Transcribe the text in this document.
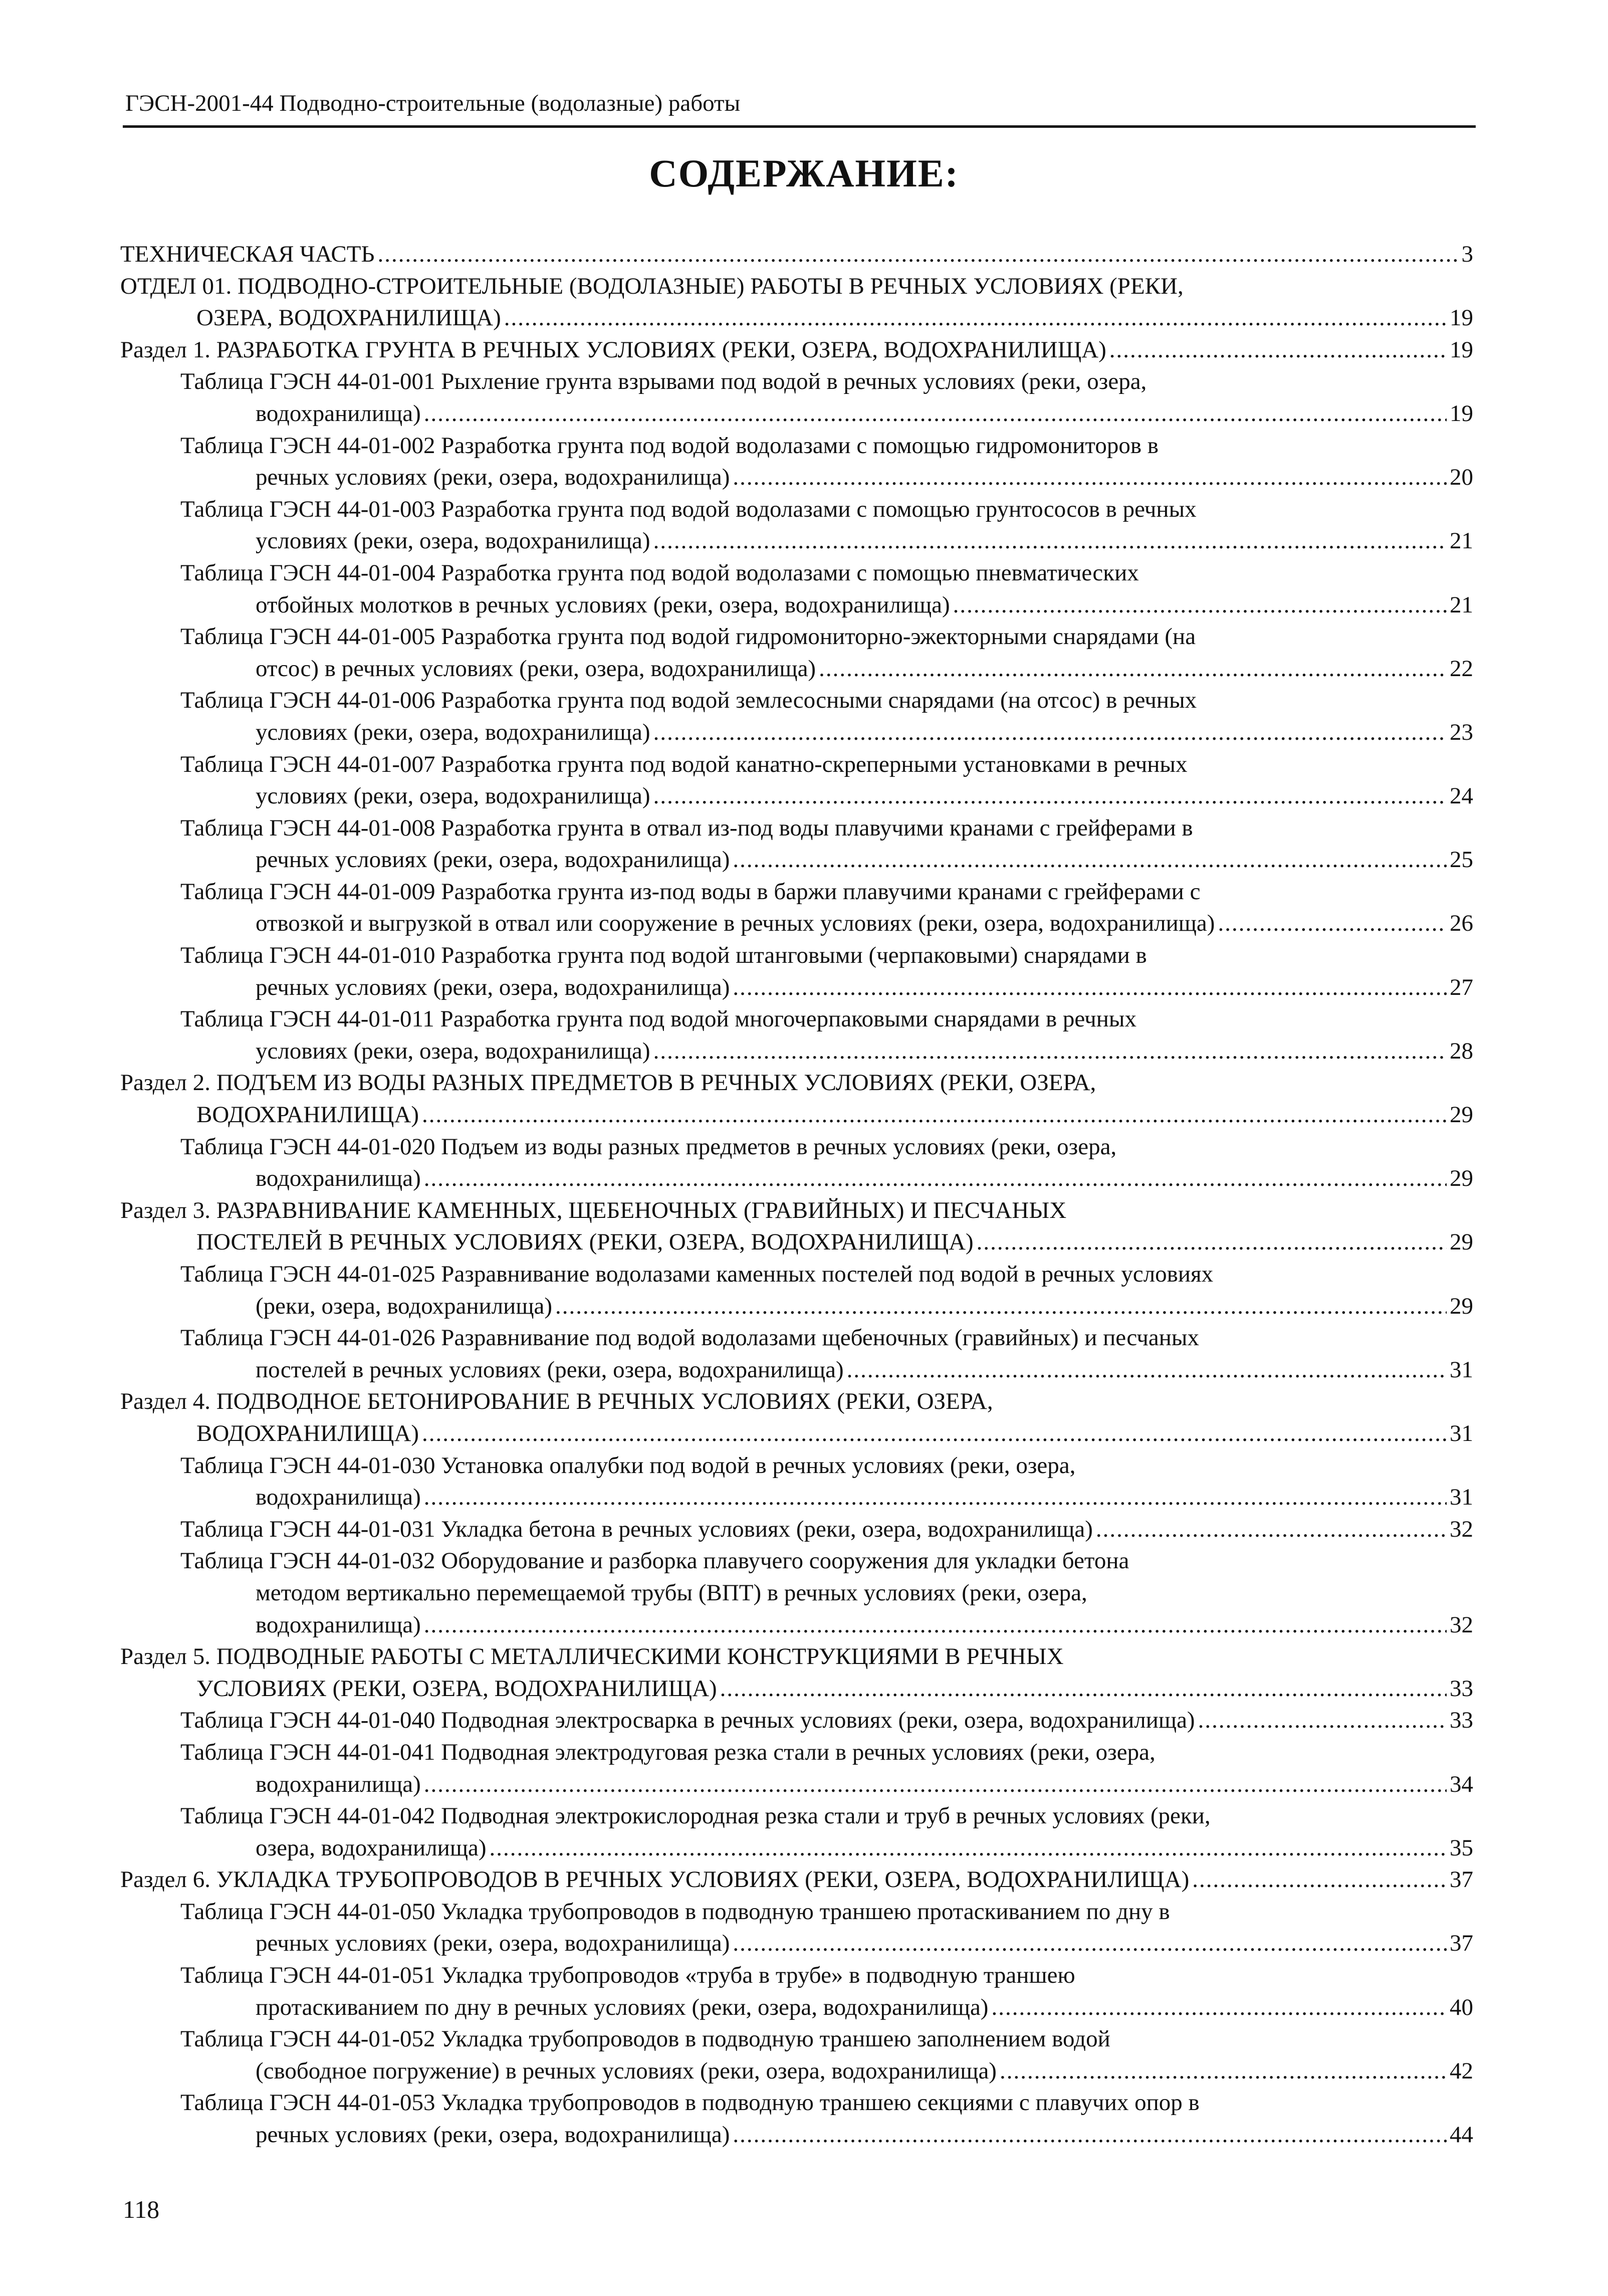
ГЭСН-2001-44 Подводно-строительные (водолазные) работы
СОДЕРЖАНИЕ:
ТЕХНИЧЕСКАЯ ЧАСТЬ .....	3
ОТДЕЛ 01. ПОДВОДНО-СТРОИТЕЛЬНЫЕ (ВОДОЛАЗНЫЕ) РАБОТЫ В РЕЧНЫХ УСЛОВИЯХ (РЕКИ,
ОЗЕРА, ВОДОХРАНИЛИЩА) .....	19
Раздел 1. РАЗРАБОТКА ГРУНТА В РЕЧНЫХ УСЛОВИЯХ (РЕКИ, ОЗЕРА, ВОДОХРАНИЛИЩА) .....	19
Таблица ГЭСН 44-01-001 Рыхление грунта взрывами под водой в речных условиях (реки, озера,
водохранилища) .....	19
Таблица ГЭСН 44-01-002 Разработка грунта под водой водолазами с помощью гидромониторов в
речных условиях (реки, озера, водохранилища) .....	20
Таблица ГЭСН 44-01-003 Разработка грунта под водой водолазами с помощью грунтососов в речных
условиях (реки, озера, водохранилища) .....	21
Таблица ГЭСН 44-01-004 Разработка грунта под водой водолазами с помощью пневматических
отбойных молотков в речных условиях (реки, озера, водохранилища) .....	21
Таблица ГЭСН 44-01-005 Разработка грунта под водой гидромониторно-эжекторными снарядами (на
отсос) в речных условиях (реки, озера, водохранилища) .....	22
Таблица ГЭСН 44-01-006 Разработка грунта под водой землесосными снарядами (на отсос) в речных
условиях (реки, озера, водохранилища) .....	23
Таблица ГЭСН 44-01-007 Разработка грунта под водой канатно-скреперными установками в речных
условиях (реки, озера, водохранилища) .....	24
Таблица ГЭСН 44-01-008 Разработка грунта в отвал из-под воды плавучими кранами с грейферами в
речных условиях (реки, озера, водохранилища) .....	25
Таблица ГЭСН 44-01-009 Разработка грунта из-под воды в баржи плавучими кранами с грейферами с
отвозкой и выгрузкой в отвал или сооружение в речных условиях (реки, озера, водохранилища) .....	26
Таблица ГЭСН 44-01-010 Разработка грунта под водой штанговыми (черпаковыми) снарядами в
речных условиях (реки, озера, водохранилища) .....	27
Таблица ГЭСН 44-01-011 Разработка грунта под водой многочерпаковыми снарядами в речных
условиях (реки, озера, водохранилища) .....	28
Раздел 2. ПОДЪЕМ ИЗ ВОДЫ РАЗНЫХ ПРЕДМЕТОВ В РЕЧНЫХ УСЛОВИЯХ (РЕКИ, ОЗЕРА,
ВОДОХРАНИЛИЩА) .....	29
Таблица ГЭСН 44-01-020 Подъем из воды разных предметов в речных условиях (реки, озера,
водохранилища) .....	29
Раздел 3. РАЗРАВНИВАНИЕ КАМЕННЫХ, ЩЕБЕНОЧНЫХ (ГРАВИЙНЫХ) И ПЕСЧАНЫХ
ПОСТЕЛЕЙ В РЕЧНЫХ УСЛОВИЯХ (РЕКИ, ОЗЕРА, ВОДОХРАНИЛИЩА) .....	29
Таблица ГЭСН 44-01-025 Разравнивание водолазами каменных постелей под водой в речных условиях
(реки, озера, водохранилища) .....	29
Таблица ГЭСН 44-01-026 Разравнивание под водой водолазами щебеночных (гравийных) и песчаных
постелей в речных условиях (реки, озера, водохранилища) .....	31
Раздел 4. ПОДВОДНОЕ БЕТОНИРОВАНИЕ В РЕЧНЫХ УСЛОВИЯХ (РЕКИ, ОЗЕРА,
ВОДОХРАНИЛИЩА) .....	31
Таблица ГЭСН 44-01-030 Установка опалубки под водой в речных условиях (реки, озера,
водохранилища) .....	31
Таблица ГЭСН 44-01-031 Укладка бетона в речных условиях (реки, озера, водохранилища) .....	32
Таблица ГЭСН 44-01-032 Оборудование и разборка плавучего сооружения для укладки бетона
методом вертикально перемещаемой трубы (ВПТ) в речных условиях (реки, озера,
водохранилища) .....	32
Раздел 5. ПОДВОДНЫЕ РАБОТЫ С МЕТАЛЛИЧЕСКИМИ КОНСТРУКЦИЯМИ В РЕЧНЫХ
УСЛОВИЯХ (РЕКИ, ОЗЕРА, ВОДОХРАНИЛИЩА) .....	33
Таблица ГЭСН 44-01-040 Подводная электросварка в речных условиях (реки, озера, водохранилища) .....	33
Таблица ГЭСН 44-01-041 Подводная электродуговая резка стали в речных условиях (реки, озера,
водохранилища) .....	34
Таблица ГЭСН 44-01-042 Подводная электрокислородная резка стали и труб в речных условиях (реки,
озера, водохранилища) .....	35
Раздел 6. УКЛАДКА ТРУБОПРОВОДОВ В РЕЧНЫХ УСЛОВИЯХ (РЕКИ, ОЗЕРА, ВОДОХРАНИЛИЩА) .....	37
Таблица ГЭСН 44-01-050 Укладка трубопроводов в подводную траншею протаскиванием по дну в
речных условиях (реки, озера, водохранилища) .....	37
Таблица ГЭСН 44-01-051 Укладка трубопроводов «труба в трубе» в подводную траншею
протаскиванием по дну в речных условиях (реки, озера, водохранилища) .....	40
Таблица ГЭСН 44-01-052 Укладка трубопроводов в подводную траншею заполнением водой
(свободное погружение) в речных условиях (реки, озера, водохранилища) .....	42
Таблица ГЭСН 44-01-053 Укладка трубопроводов в подводную траншею секциями с плавучих опор в
речных условиях (реки, озера, водохранилища) .....	44
118
